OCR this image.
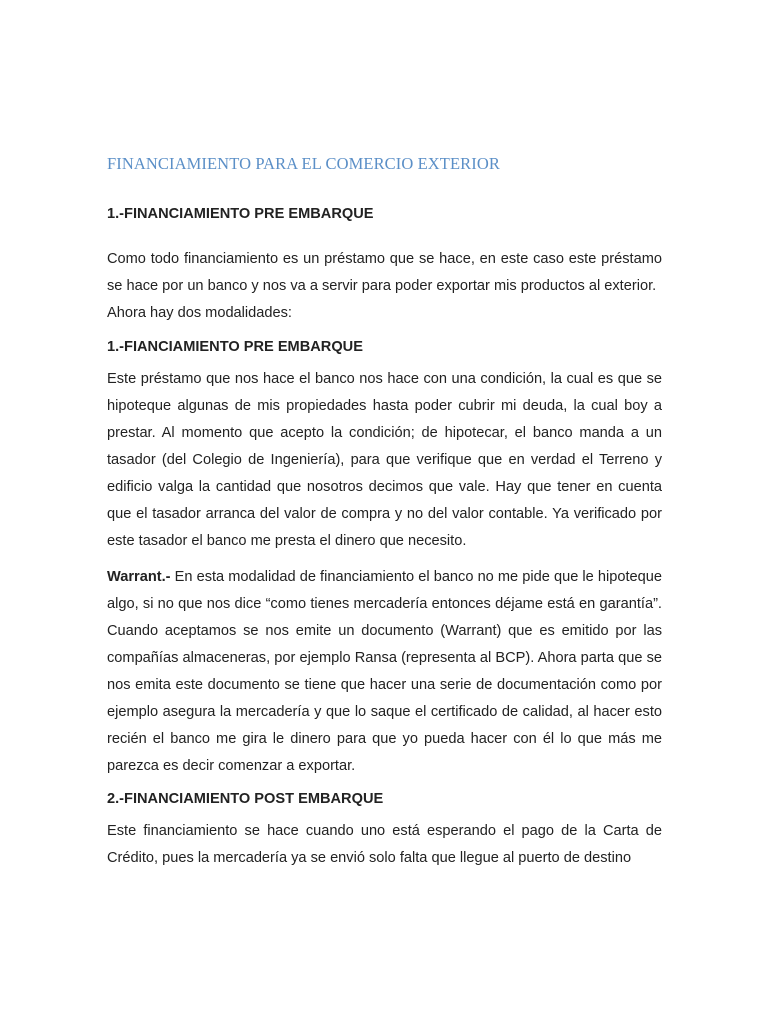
FINANCIAMIENTO PARA EL COMERCIO EXTERIOR
1.-FINANCIAMIENTO PRE EMBARQUE

Como todo financiamiento es un préstamo que se hace, en este caso este préstamo se hace por un banco y nos va a servir para poder exportar mis productos al exterior.

Ahora hay dos modalidades:

1.-FIANCIAMIENTO PRE EMBARQUE

Este préstamo que nos hace el banco nos hace con una condición, la cual es que se hipoteque algunas de mis propiedades hasta poder cubrir mi deuda, la cual boy a prestar. Al momento que acepto la condición; de hipotecar, el banco manda a un tasador (del Colegio de Ingeniería), para que verifique que en verdad el Terreno y edificio valga la cantidad que nosotros decimos que vale. Hay que tener en cuenta que el tasador arranca del valor de compra y no del valor contable. Ya verificado por este tasador el banco me presta el dinero que necesito.

Warrant.- En esta modalidad de financiamiento el banco no me pide que le hipoteque algo, si no que nos dice “como tienes mercadería entonces déjame está en garantía”. Cuando aceptamos se nos emite un documento (Warrant) que es emitido por las compañías almaceneras, por ejemplo Ransa (representa al BCP). Ahora parta que se nos emita este documento se tiene que hacer una serie de documentación como por ejemplo asegura la mercadería y que lo saque el certificado de calidad, al hacer esto recién el banco me gira le dinero para que yo pueda hacer con él lo que más me parezca es decir comenzar a exportar.

2.-FINANCIAMIENTO POST EMBARQUE

Este financiamiento se hace cuando uno está esperando el pago de la Carta de Crédito, pues la mercadería ya se envió solo falta que llegue al puerto de destino
